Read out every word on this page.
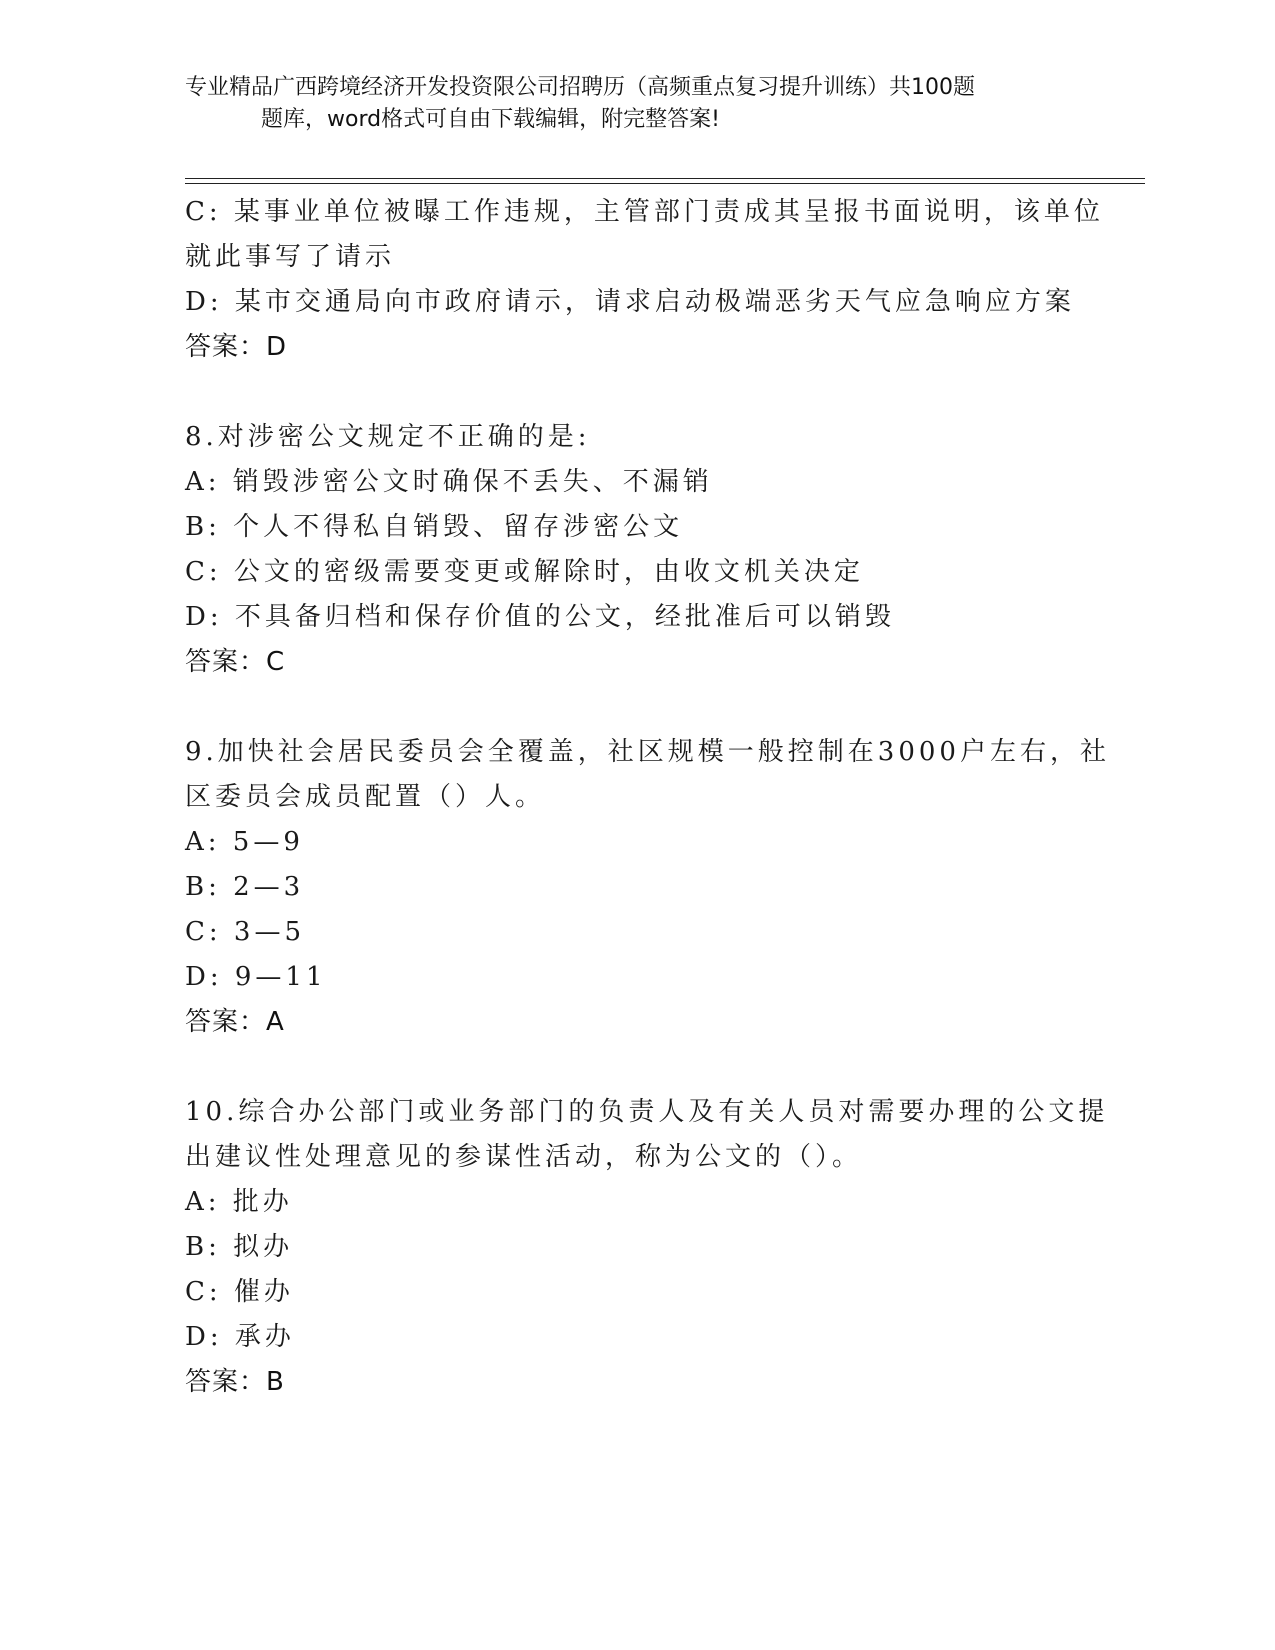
专业精品广西跨境经济开发投资限公司招聘历（高频重点复习提升训练）共100题
题库，word格式可自由下载编辑，附完整答案!
C: 某事业单位被曝工作违规，主管部门责成其呈报书面说明，该单位
就此事写了请示
D: 某市交通局向市政府请示，请求启动极端恶劣天气应急响应方案
答案：D
8.对涉密公文规定不正确的是:
A: 销毁涉密公文时确保不丢失、不漏销
B: 个人不得私自销毁、留存涉密公文
C: 公文的密级需要变更或解除时，由收文机关决定
D: 不具备归档和保存价值的公文，经批准后可以销毁
答案：C
9.加快社会居民委员会全覆盖，社区规模一般控制在3000户左右，社
区委员会成员配置（）人。
A: 5—9
B: 2—3
C: 3—5
D: 9—11
答案：A
10.综合办公部门或业务部门的负责人及有关人员对需要办理的公文提
出建议性处理意见的参谋性活动，称为公文的（）。
A: 批办
B: 拟办
C: 催办
D: 承办
答案：B
